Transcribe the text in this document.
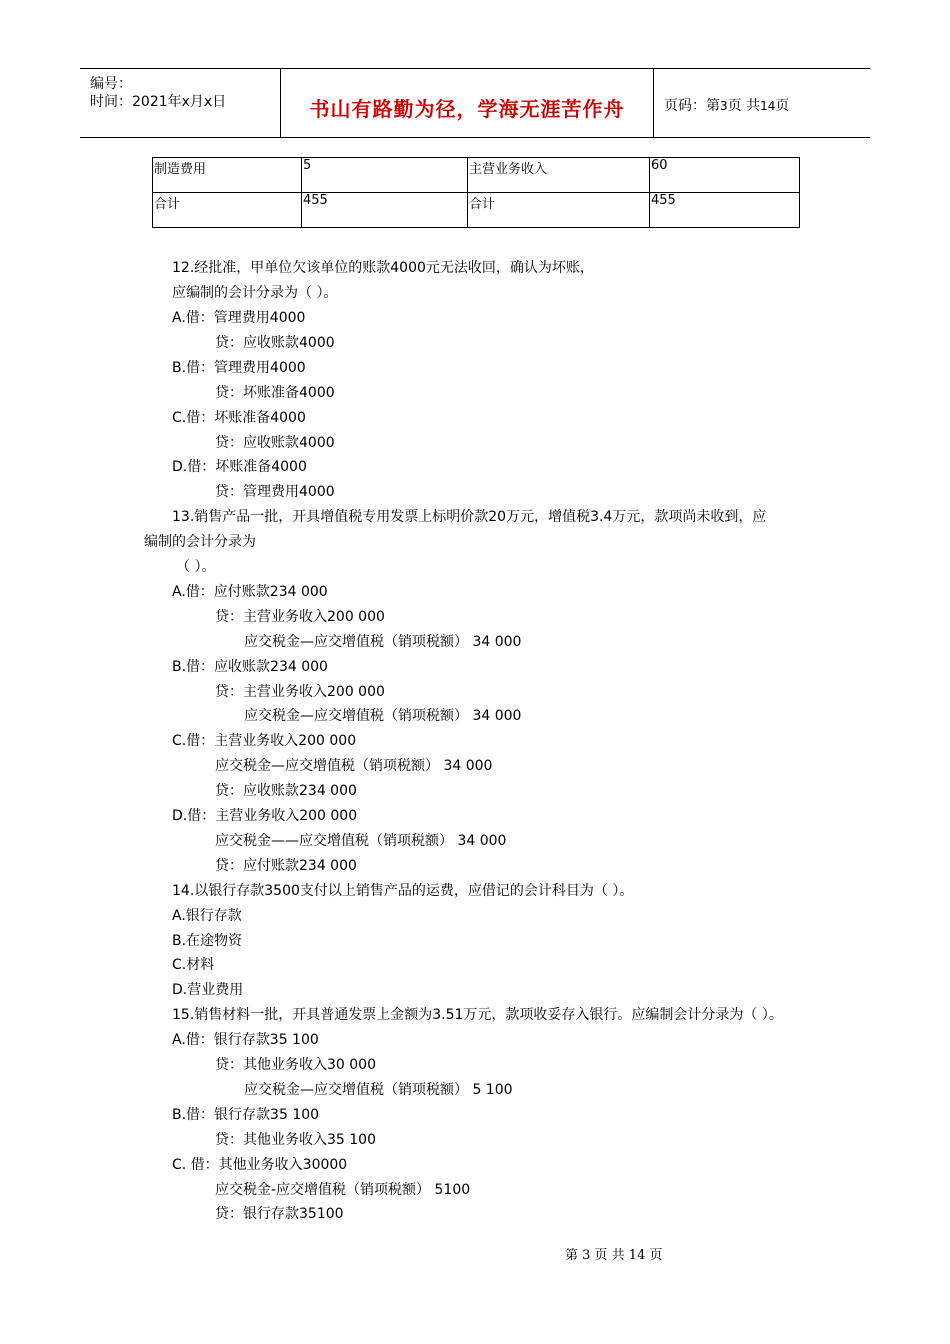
编号：
时间：2021年x月x日	书山有路勤为径，学海无涯苦作舟	页码：第3页 共14页
制造费用	5	主营业务收入	60
合计	455	合计	455
12.经批准，甲单位欠该单位的账款4000元无法收回，确认为坏账，
应编制的会计分录为（ ）。
A.借：管理费用4000
贷：应收账款4000
B.借：管理费用4000
贷：坏账准备4000
C.借：坏账准备4000
贷：应收账款4000
D.借：坏账准备4000
贷：管理费用4000
13.销售产品一批，开具增值税专用发票上标明价款20万元，增值税3.4万元，款项尚未收到，应
编制的会计分录为
（ ）。
A.借：应付账款234 000
贷：主营业务收入200 000
应交税金—应交增值税（销项税额） 34 000
B.借：应收账款234 000
贷：主营业务收入200 000
应交税金—应交增值税（销项税额） 34 000
C.借：主营业务收入200 000
应交税金—应交增值税（销项税额） 34 000
贷：应收账款234 000
D.借：主营业务收入200 000
应交税金——应交增值税（销项税额） 34 000
贷：应付账款234 000
14.以银行存款3500支付以上销售产品的运费，应借记的会计科目为（ ）。
A.银行存款
B.在途物资
C.材料
D.营业费用
15.销售材料一批，开具普通发票上金额为3.51万元，款项收妥存入银行。应编制会计分录为（ ）。
A.借：银行存款35 100
贷：其他业务收入30 000
应交税金—应交增值税（销项税额） 5 100
B.借：银行存款35 100
贷：其他业务收入35 100
C. 借：其他业务收入30000
应交税金-应交增值税（销项税额） 5100
贷：银行存款35100
第 3 页 共 14 页
